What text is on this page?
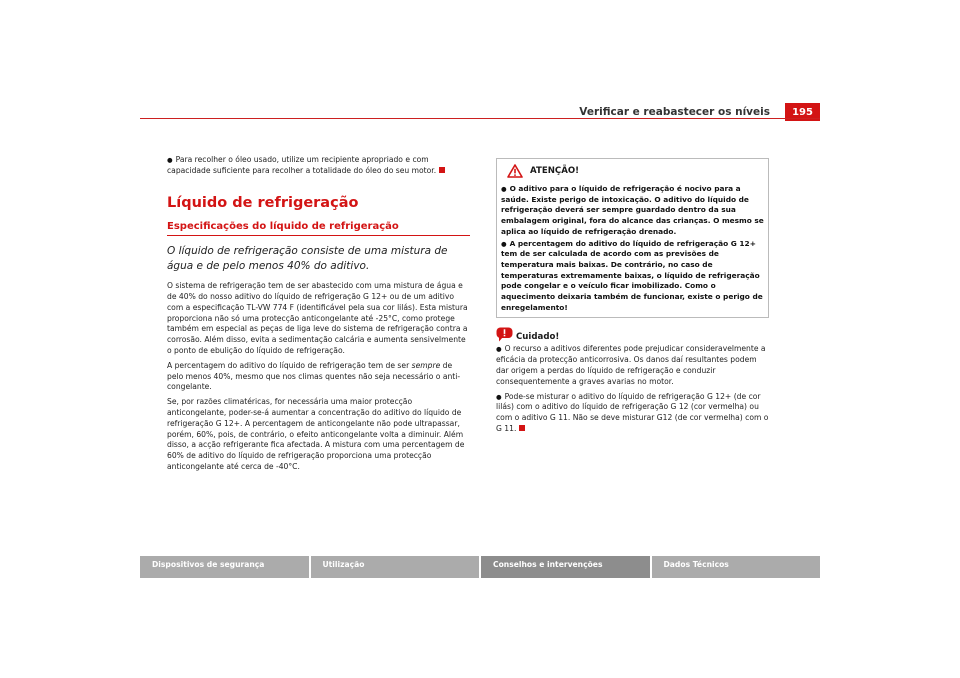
Verificar e reabastecer os níveis	195

● Para recolher o óleo usado, utilize um recipiente apropriado e com capacidade suficiente para recolher a totalidade do óleo do seu motor.

Líquido de refrigeração
Especificações do líquido de refrigeração

O líquido de refrigeração consiste de uma mistura de água e de pelo menos 40% do aditivo.

O sistema de refrigeração tem de ser abastecido com uma mistura de água e de 40% do nosso aditivo do líquido de refrigeração G 12+ ou de um aditivo com a especificação TL-VW 774 F (identificável pela sua cor lilás). Esta mistura proporciona não só uma protecção anticongelante até -25°C, como protege também em especial as peças de liga leve do sistema de refrigeração contra a corrosão. Além disso, evita a sedimentação calcária e aumenta sensivelmente o ponto de ebulição do líquido de refrigeração.

A percentagem do aditivo do líquido de refrigeração tem de ser sempre de pelo menos 40%, mesmo que nos climas quentes não seja necessário o anti-congelante.

Se, por razões climatéricas, for necessária uma maior protecção anticongelante, poder-se-á aumentar a concentração do aditivo do líquido de refrigeração G 12+. A percentagem de anticongelante não pode ultrapassar, porém, 60%, pois, de contrário, o efeito anticongelante volta a diminuir. Além disso, a acção refrigerante fica afectada. A mistura com uma percentagem de 60% de aditivo do líquido de refrigeração proporciona uma protecção anticongelante até cerca de -40°C.

ATENÇÃO!

● O aditivo para o líquido de refrigeração é nocivo para a saúde. Existe perigo de intoxicação. O aditivo do líquido de refrigeração deverá ser sempre guardado dentro da sua embalagem original, fora do alcance das crianças. O mesmo se aplica ao líquido de refrigeração drenado.

● A percentagem do aditivo do líquido de refrigeração G 12+ tem de ser calculada de acordo com as previsões de temperatura mais baixas. De contrário, no caso de temperaturas extremamente baixas, o líquido de refrigeração pode congelar e o veículo ficar imobilizado. Como o aquecimento deixaria também de funcionar, existe o perigo de enregelamento!

Cuidado!

● O recurso a aditivos diferentes pode prejudicar consideravelmente a eficácia da protecção anticorrosiva. Os danos daí resultantes podem dar origem a perdas do líquido de refrigeração e conduzir consequentemente a graves avarias no motor.

● Pode-se misturar o aditivo do líquido de refrigeração G 12+ (de cor lilás) com o aditivo do líquido de refrigeração G 12 (cor vermelha) ou com o aditivo G 11. Não se deve misturar G12 (de cor vermelha) com o G 11.

Dispositivos de segurança	Utilização	Conselhos e intervenções	Dados Técnicos
